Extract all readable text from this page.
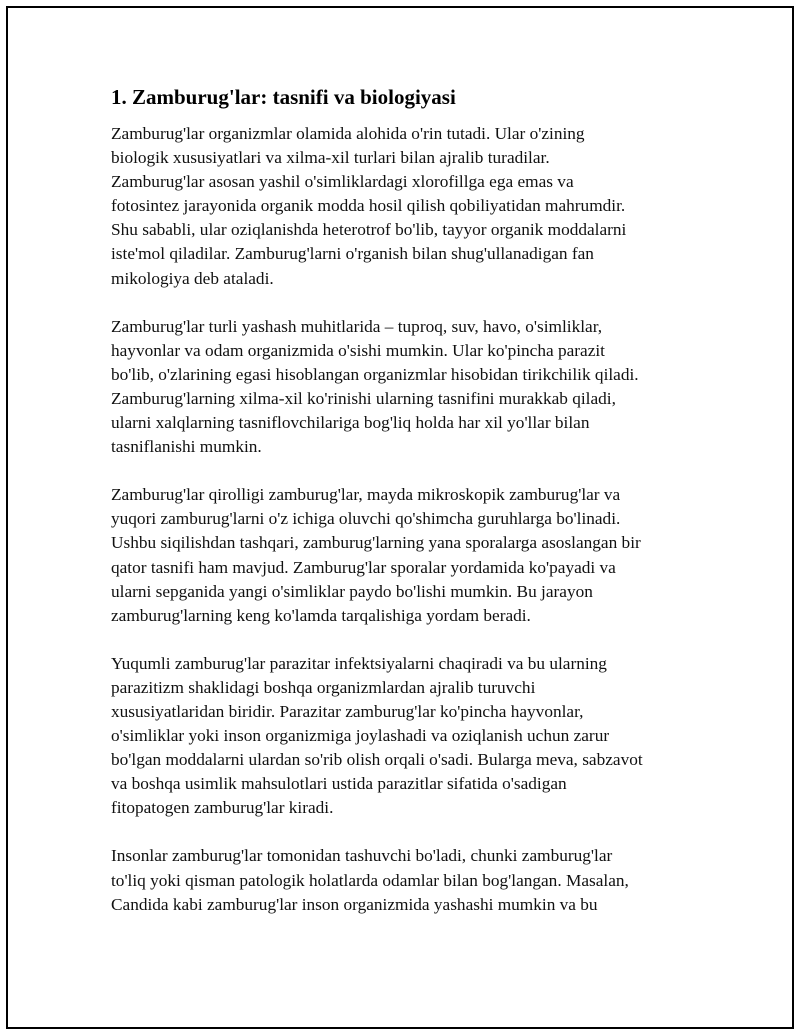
1. Zamburug'lar: tasnifi va biologiyasi

Zamburug'lar organizmlar olamida alohida o'rin tutadi. Ular o'zining
biologik xususiyatlari va xilma-xil turlari bilan ajralib turadilar.
Zamburug'lar asosan yashil o'simliklardagi xlorofillga ega emas va
fotosintez jarayonida organik modda hosil qilish qobiliyatidan mahrumdir.
Shu sababli, ular oziqlanishda heterotrof bo'lib, tayyor organik moddalarni
iste'mol qiladilar. Zamburug'larni o'rganish bilan shug'ullanadigan fan
mikologiya deb ataladi.

Zamburug'lar turli yashash muhitlarida – tuproq, suv, havo, o'simliklar,
hayvonlar va odam organizmida o'sishi mumkin. Ular ko'pincha parazit
bo'lib, o'zlarining egasi hisoblangan organizmlar hisobidan tirikchilik qiladi.
Zamburug'larning xilma-xil ko'rinishi ularning tasnifini murakkab qiladi,
ularni xalqlarning tasniflovchilariga bog'liq holda har xil yo'llar bilan
tasniflanishi mumkin.

Zamburug'lar qirolligi zamburug'lar, mayda mikroskopik zamburug'lar va
yuqori zamburug'larni o'z ichiga oluvchi qo'shimcha guruhlarga bo'linadi.
Ushbu siqilishdan tashqari, zamburug'larning yana sporalarga asoslangan bir
qator tasnifi ham mavjud. Zamburug'lar sporalar yordamida ko'payadi va
ularni sepganida yangi o'simliklar paydo bo'lishi mumkin. Bu jarayon
zamburug'larning keng ko'lamda tarqalishiga yordam beradi.

Yuqumli zamburug'lar parazitar infektsiyalarni chaqiradi va bu ularning
parazitizm shaklidagi boshqa organizmlardan ajralib turuvchi
xususiyatlaridan biridir. Parazitar zamburug'lar ko'pincha hayvonlar,
o'simliklar yoki inson organizmiga joylashadi va oziqlanish uchun zarur
bo'lgan moddalarni ulardan so'rib olish orqali o'sadi. Bularga meva, sabzavot
va boshqa usimlik mahsulotlari ustida parazitlar sifatida o'sadigan
fitopatogen zamburug'lar kiradi.

Insonlar zamburug'lar tomonidan tashuvchi bo'ladi, chunki zamburug'lar
to'liq yoki qisman patologik holatlarda odamlar bilan bog'langan. Masalan,
Candida kabi zamburug'lar inson organizmida yashashi mumkin va bu
